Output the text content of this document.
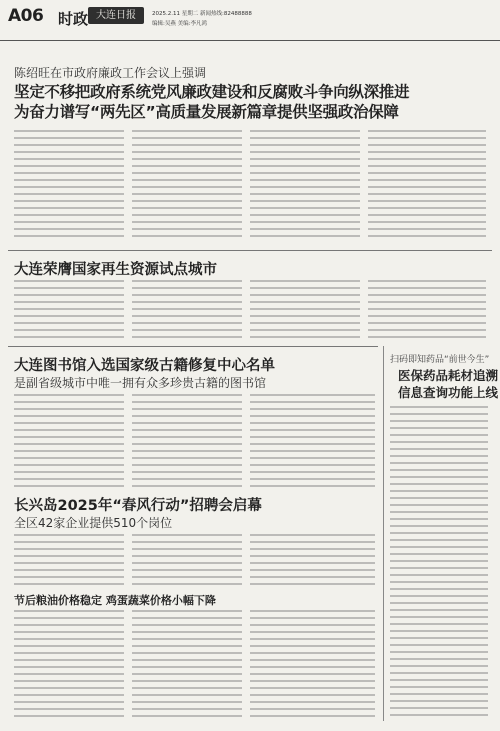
A06 时政 大连日报	2025.2.11 星期二 新闻热线:82488888
编辑:吴燕 美编:李凡鸿
陈绍旺在市政府廉政工作会议上强调
坚定不移把政府系统党风廉政建设和反腐败斗争向纵深推进
为奋力谱写“两先区”高质量发展新篇章提供坚强政治保障
大连荣膺国家再生资源试点城市
大连图书馆入选国家级古籍修复中心名单
是副省级城市中唯一拥有众多珍贵古籍的图书馆
长兴岛2025年“春风行动”招聘会启幕
全区42家企业提供510个岗位
节后粮油价格稳定 鸡蛋蔬菜价格小幅下降
扫码即知药品“前世今生”
医保药品耗材追溯
信息查询功能上线
